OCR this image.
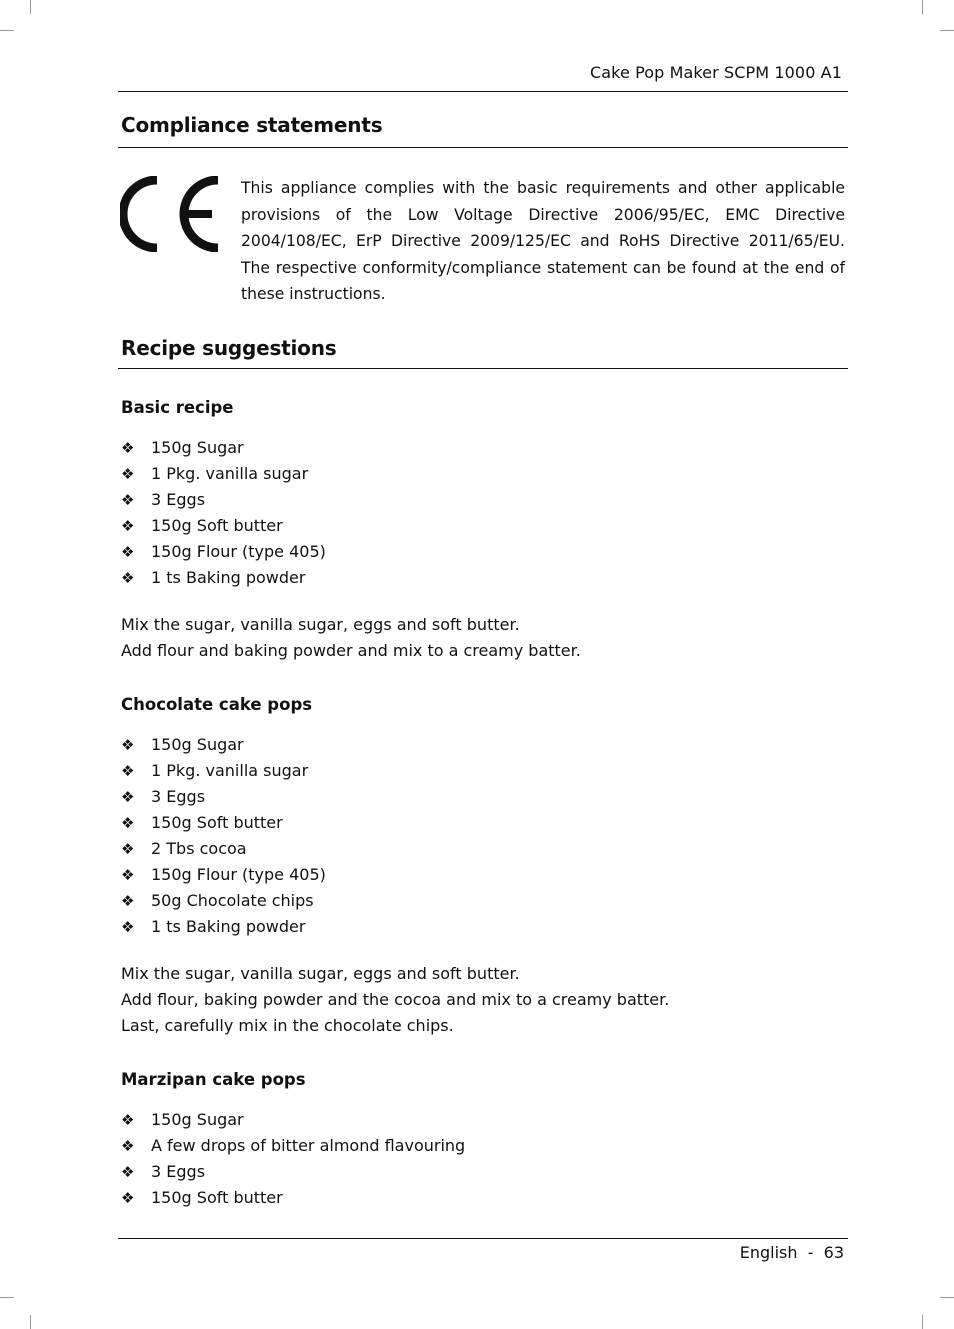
Cake Pop Maker SCPM 1000 A1
Compliance statements
This appliance complies with the basic requirements and other applicable provisions of the Low Voltage Directive 2006/95/EC, EMC Directive 2004/108/EC, ErP Directive 2009/125/EC and RoHS Directive 2011/65/EU. The respective conformity/compliance statement can be found at the end of these instructions.
Recipe suggestions
Basic recipe
❖	150g Sugar
❖	1 Pkg. vanilla sugar
❖	3 Eggs
❖	150g Soft butter
❖	150g Flour (type 405)
❖	1 ts Baking powder
Mix the sugar, vanilla sugar, eggs and soft butter.
Add flour and baking powder and mix to a creamy batter.
Chocolate cake pops
❖	150g Sugar
❖	1 Pkg. vanilla sugar
❖	3 Eggs
❖	150g Soft butter
❖	2 Tbs cocoa
❖	150g Flour (type 405)
❖	50g Chocolate chips
❖	1 ts Baking powder
Mix the sugar, vanilla sugar, eggs and soft butter.
Add flour, baking powder and the cocoa and mix to a creamy batter.
Last, carefully mix in the chocolate chips.
Marzipan cake pops
❖	150g Sugar
❖	A few drops of bitter almond flavouring
❖	3 Eggs
❖	150g Soft butter
English  -  63
